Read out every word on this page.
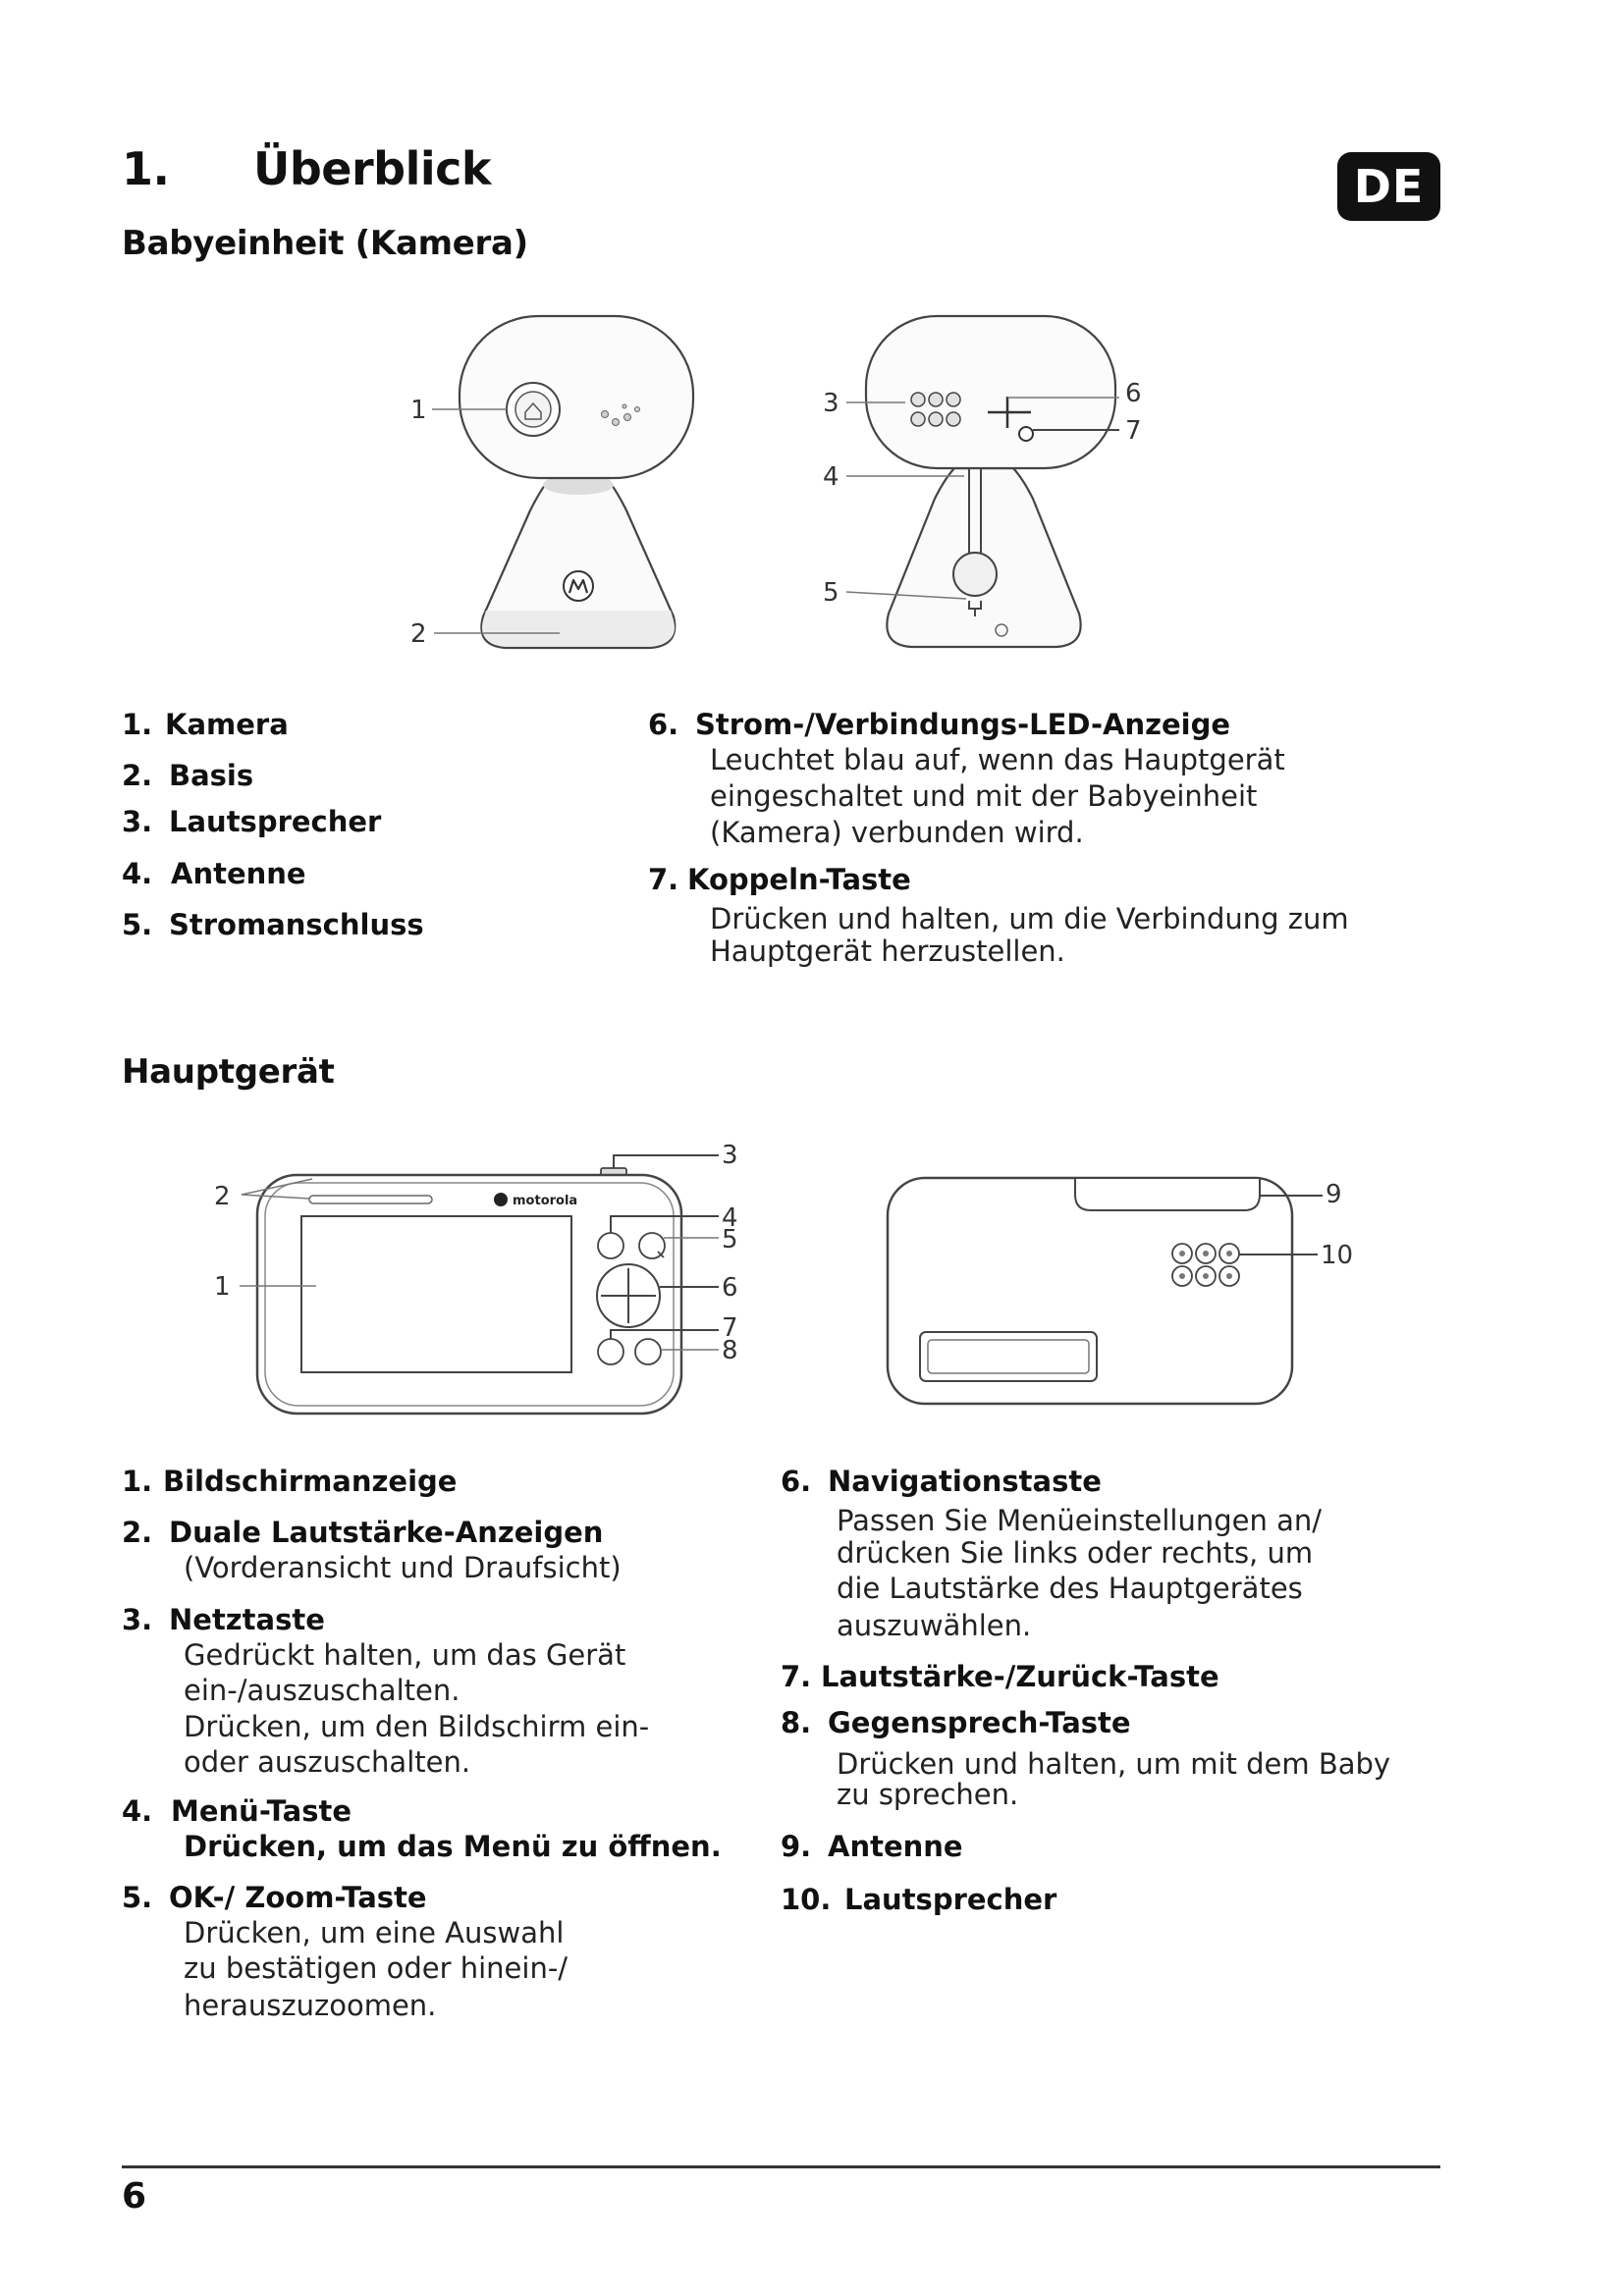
1. Überblick	DE
Babyeinheit (Kamera)
1
2
3
4
5
6
7
1. Kamera
2. Basis
3. Lautsprecher
4. Antenne
5. Stromanschluss
6. Strom-/Verbindungs-LED-Anzeige
Leuchtet blau auf, wenn das Hauptgerät
eingeschaltet und mit der Babyeinheit
(Kamera) verbunden wird.
7. Koppeln-Taste
Drücken und halten, um die Verbindung zum
Hauptgerät herzustellen.
Hauptgerät
motorola
1
2
3
4
5
6
7
8
9
10
1. Bildschirmanzeige
2. Duale Lautstärke-Anzeigen
(Vorderansicht und Draufsicht)
3. Netztaste
Gedrückt halten, um das Gerät
ein-/auszuschalten.
Drücken, um den Bildschirm ein-
oder auszuschalten.
4. Menü-Taste
Drücken, um das Menü zu öffnen.
5. OK-/ Zoom-Taste
Drücken, um eine Auswahl
zu bestätigen oder hinein-/
herauszuzoomen.
6. Navigationstaste
Passen Sie Menüeinstellungen an/
drücken Sie links oder rechts, um
die Lautstärke des Hauptgerätes
auszuwählen.
7. Lautstärke-/Zurück-Taste
8. Gegensprech-Taste
Drücken und halten, um mit dem Baby
zu sprechen.
9. Antenne
10. Lautsprecher
6
